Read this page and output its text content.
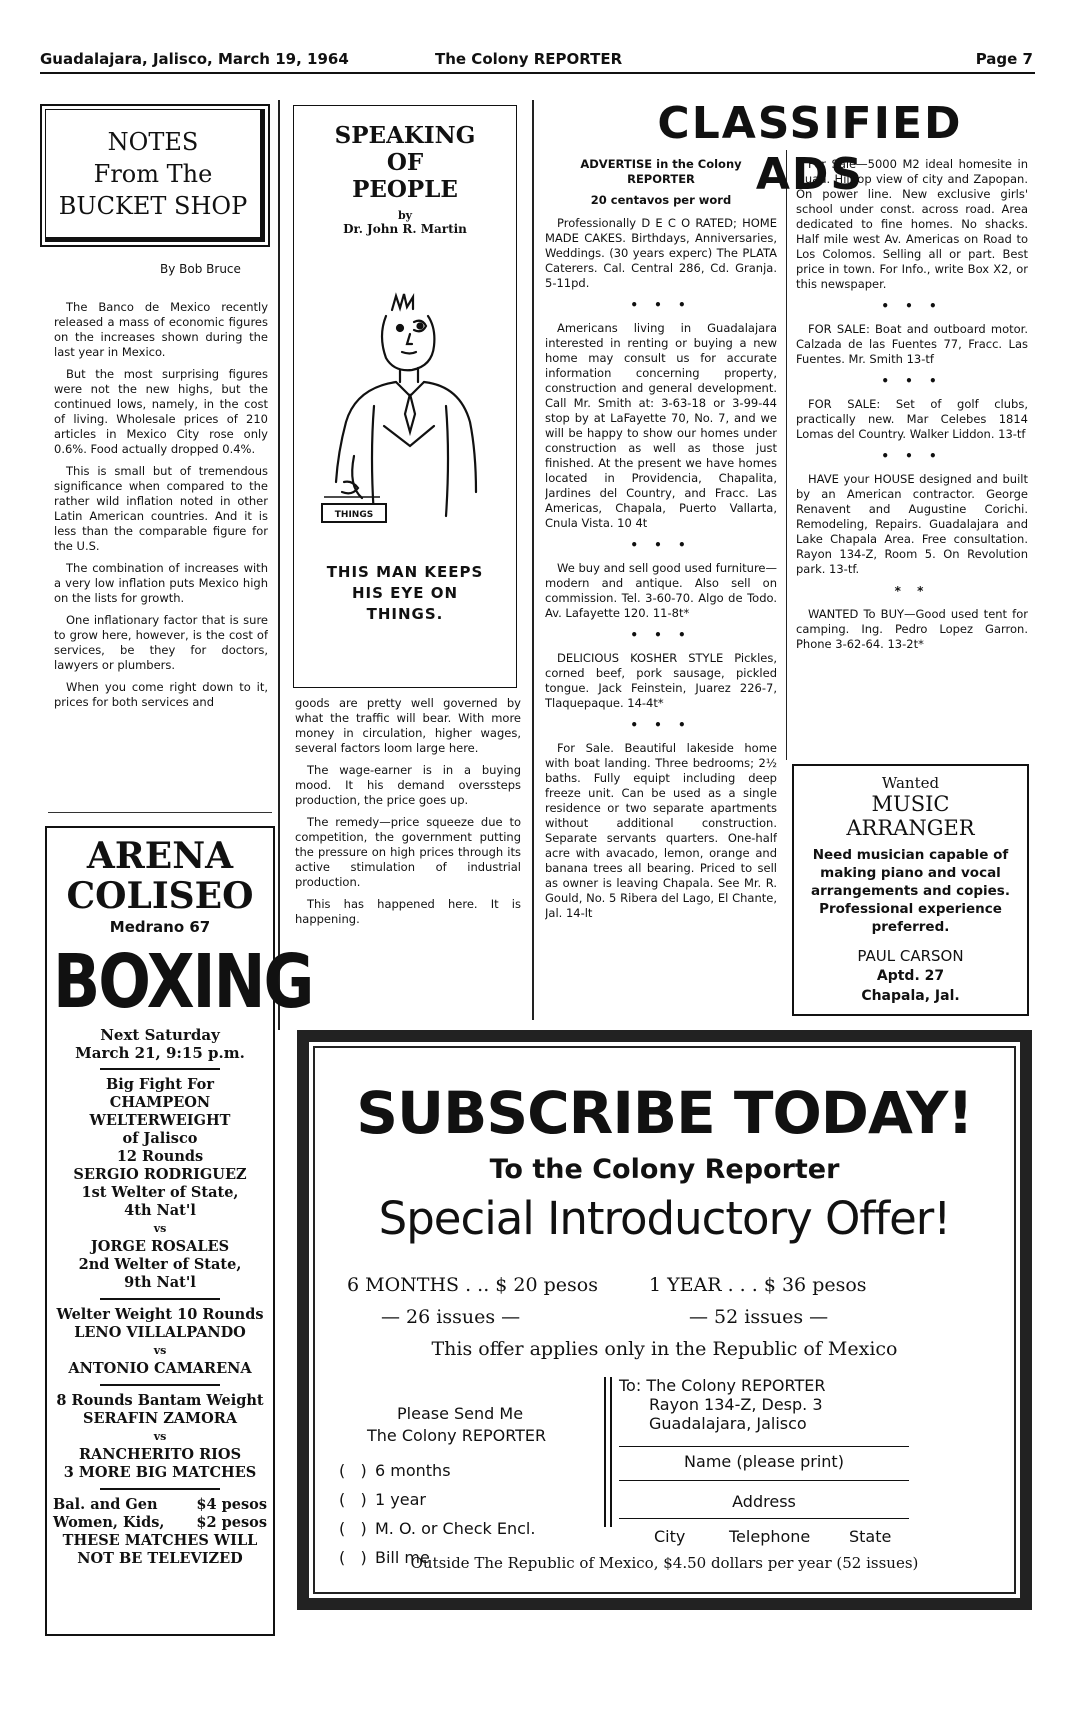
Guadalajara, Jalisco, March 19, 1964	The Colony REPORTER	Page 7
NOTES
From The
BUCKET SHOP
By Bob Bruce

The Banco de Mexico recently released a mass of economic figures on the increases shown during the last year in Mexico.

But the most surprising figures were not the new highs, but the continued lows, namely, in the cost of living. Wholesale prices of 210 articles in Mexico City rose only 0.6%. Food actually dropped 0.4%.

This is small but of tremendous significance when compared to the rather wild inflation noted in other Latin American countries. And it is less than the comparable figure for the U.S.

The combination of increases with a very low inflation puts Mexico high on the lists for growth.

One inflationary factor that is sure to grow here, however, is the cost of services, be they for doctors, lawyers or plumbers.

When you come right down to it, prices for both services and

ARENA
COLISEO
Medrano 67
BOXING
Next Saturday
March 21, 9:15 p.m.
Big Fight For
CHAMPEON
WELTERWEIGHT
of Jalisco
12 Rounds
SERGIO RODRIGUEZ
1st Welter of State,
4th Nat'l
vs
JORGE ROSALES
2nd Welter of State,
9th Nat'l
Welter Weight 10 Rounds
LENO VILLALPANDO
vs
ANTONIO CAMARENA
8 Rounds Bantam Weight
SERAFIN ZAMORA
vs
RANCHERITO RIOS
3 MORE BIG MATCHES
Bal. and Gen	$4 pesos
Women, Kids, $2 pesos
THESE MATCHES WILL
NOT BE TELEVIZED
SPEAKING
OF
PEOPLE
by
Dr. John R. Martin
THINGS
THIS MAN KEEPS
HIS EYE ON
THINGS.

goods are pretty well governed by what the traffic will bear. With more money in circulation, higher wages, several factors loom large here.

The wage-earner is in a buying mood. It his demand overssteps production, the price goes up.

The remedy—price squeeze due to competition, the government putting the pressure on high prices through its active stimulation of industrial production.

This has happened here. It is happening.

CLASSIFIED ADS
ADVERTISE in the Colony
REPORTER
20 centavos per word

Professionally D E C O RATED; HOME MADE CAKES. Birthdays, Anniversaries, Weddings. (30 years experc) The PLATA Caterers. Cal. Central 286, Cd. Granja. 5-11pd.

• • •

Americans living in Guadalajara interested in renting or buying a new home may consult us for accurate information concerning property, construction and general development. Call Mr. Smith at: 3-63-18 or 3-99-44 stop by at LaFayette 70, No. 7, and we will be happy to show our homes under construction as well as those just finished. At the present we have homes located in Providencia, Chapalita, Jardines del Country, and Fracc. Las Americas, Chapala, Puerto Vallarta, Cnula Vista. 10 4t

• • •

We buy and sell good used furniture—modern and antique. Also sell on commission. Tel. 3-60-70. Algo de Todo. Av. Lafayette 120. 11-8t*

• • •

DELICIOUS KOSHER STYLE Pickles, corned beef, pork sausage, pickled tongue. Jack Feinstein, Juarez 226-7, Tlaquepaque. 14-4t*

• • •

For Sale. Beautiful lakeside home with boat landing. Three bedrooms; 2½ baths. Fully equipt including deep freeze unit. Can be used as a single residence or two separate apartments without additional construction. Separate servants quarters. One-half acre with avacado, lemon, orange and banana trees all bearing. Priced to sell as owner is leaving Chapala. See Mr. R. Gould, No. 5 Ribera del Lago, El Chante, Jal. 14-lt

For Sale—5000 M2 ideal homesite in Guad. Hilltop view of city and Zapopan. On power line. New exclusive girls' school under const. across road. Area dedicated to fine homes. No shacks. Half mile west Av. Americas on Road to Los Colomos. Selling all or part. Best price in town. For Info., write Box X2, or this newspaper.

• • •

FOR SALE: Boat and outboard motor. Calzada de las Fuentes 77, Fracc. Las Fuentes. Mr. Smith 13-tf

• • •

FOR SALE: Set of golf clubs, practically new. Mar Celebes 1814 Lomas del Country. Walker Liddon. 13-tf

• • •

HAVE your HOUSE designed and built by an American contractor. George Renavent and Augustine Corichi. Remodeling, Repairs. Guadalajara and Lake Chapala Area. Free consultation. Rayon 134-Z, Room 5. On Revolution park. 13-tf.

* *

WANTED To BUY—Good used tent for camping. Ing. Pedro Lopez Garron. Phone 3-62-64. 13-2t*

Wanted
MUSIC
ARRANGER
Need musician capable of making piano and vocal arrangements and copies. Professional experience preferred.
PAUL CARSON
Aptd. 27
Chapala, Jal.
SUBSCRIBE TODAY!
To the Colony Reporter
Special Introductory Offer!
6 MONTHS . .. $ 20 pesos
— 26 issues —
1 YEAR . . . $ 36 pesos
— 52 issues —
This offer applies only in the Republic of Mexico
Please Send Me
The Colony REPORTER
(   ) 6 months
(   ) 1 year
(   ) M. O. or Check Encl.
(   ) Bill me
To: The Colony REPORTER
Rayon 134-Z, Desp. 3
Guadalajara, Jalisco
Name (please print)
Address
City	Telephone State
Outside The Republic of Mexico, $4.50 dollars per year (52 issues)
